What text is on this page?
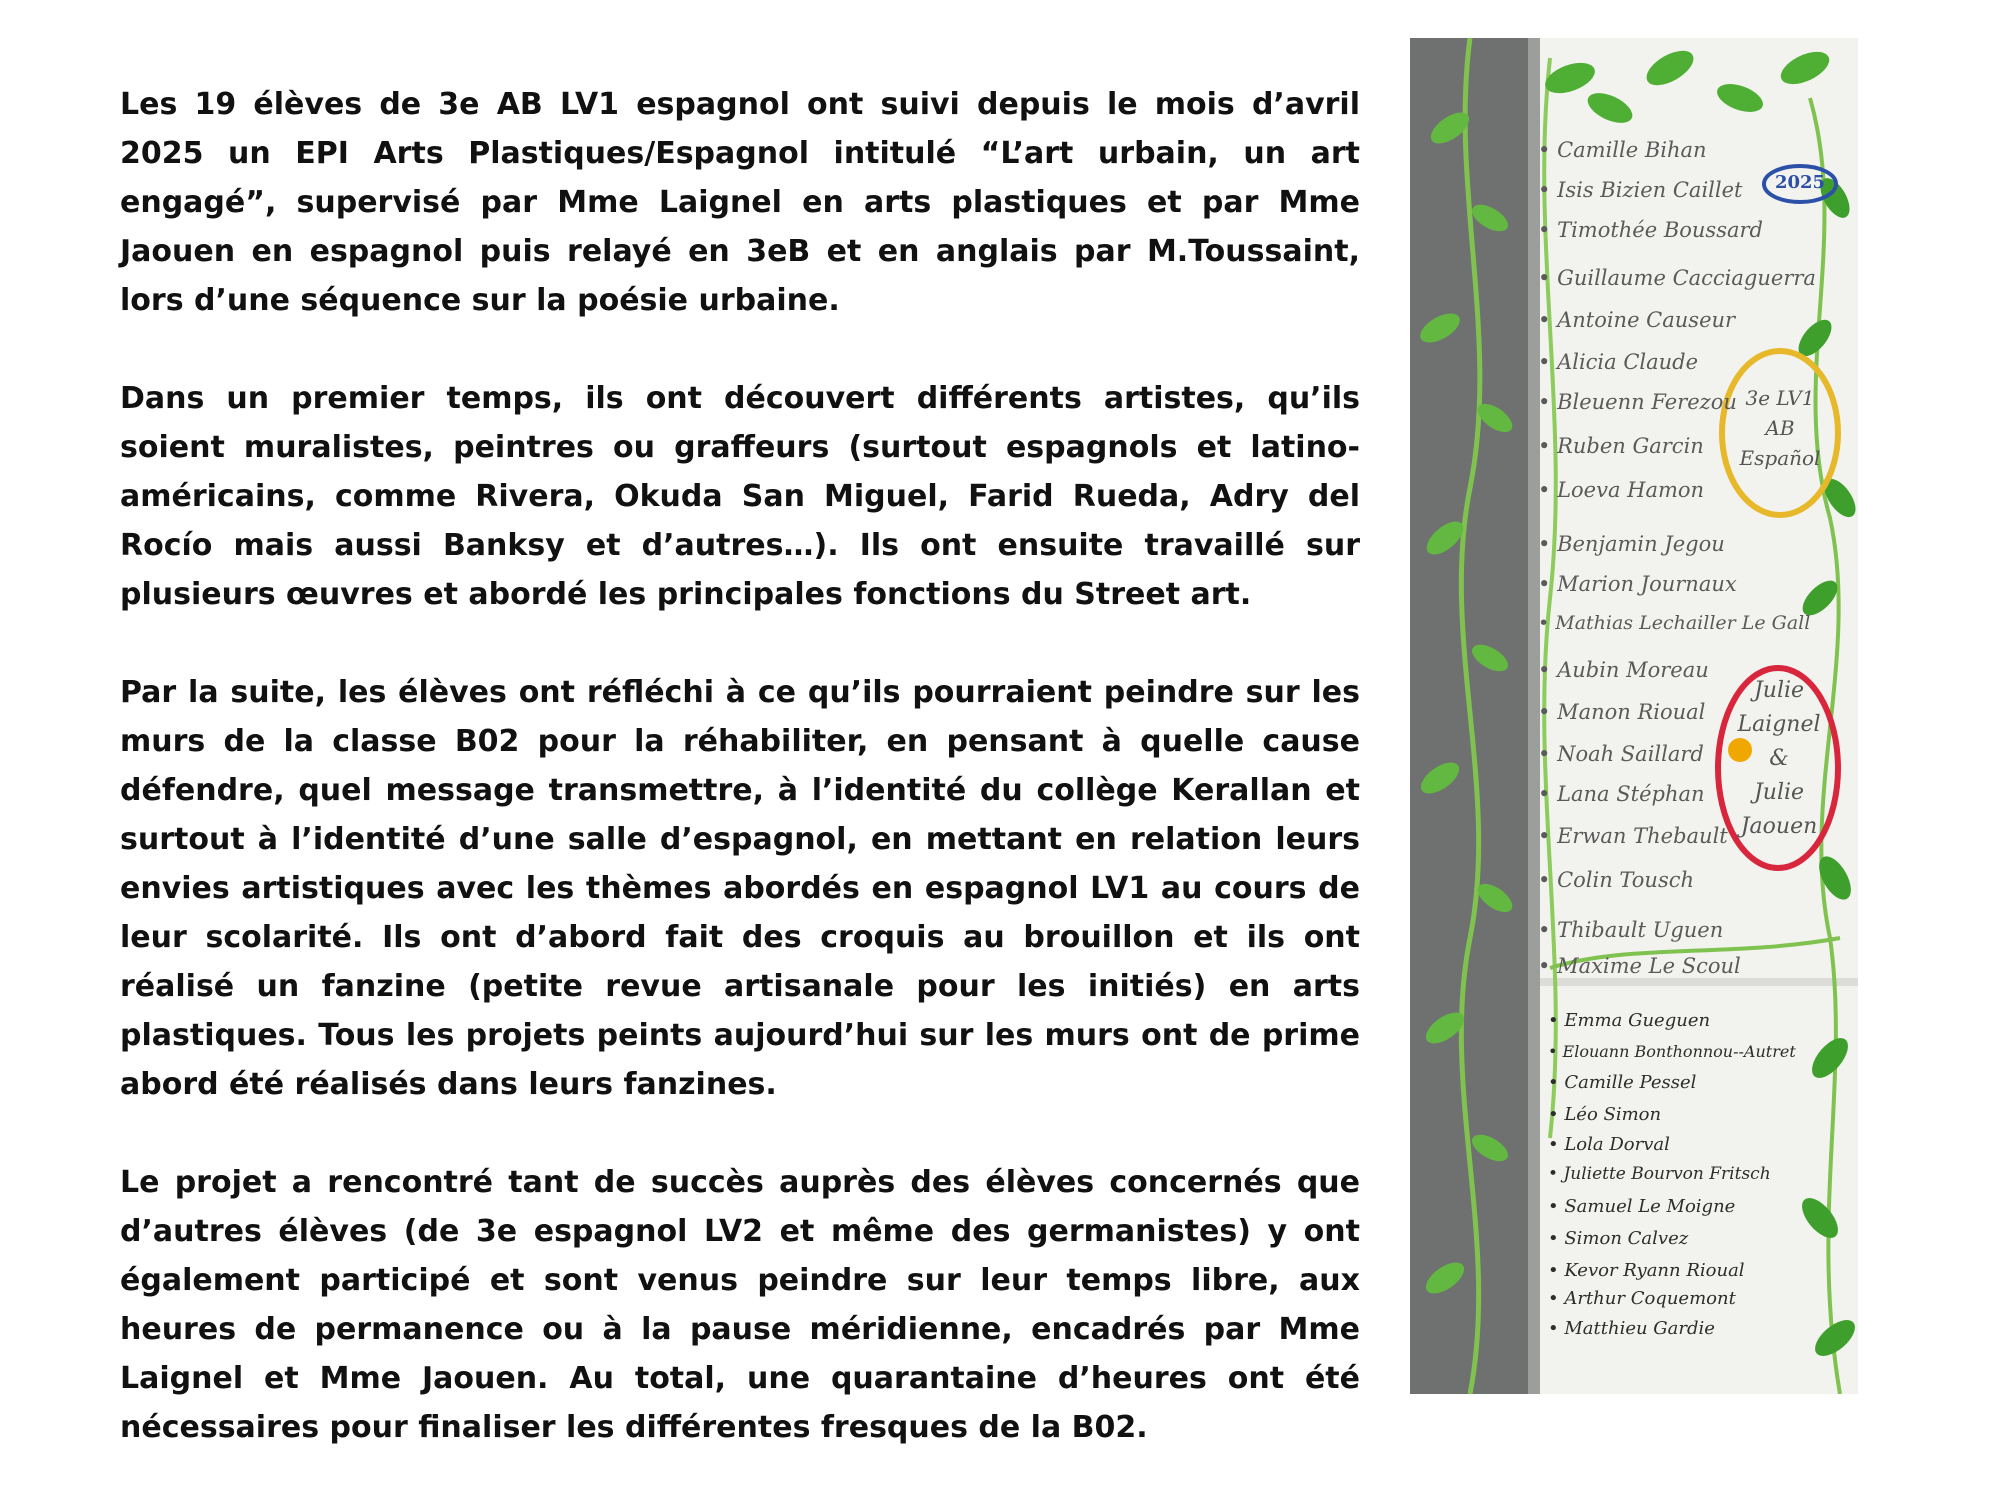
Les 19 élèves de 3e AB LV1 espagnol ont suivi depuis le mois d’avril 2025 un EPI Arts Plastiques/Espagnol intitulé “L’art urbain, un art engagé”, supervisé par Mme Laignel en arts plastiques et par Mme Jaouen en espagnol puis relayé en 3eB et en anglais par M.Toussaint, lors d’une séquence sur la poésie urbaine.

Dans un premier temps, ils ont découvert différents artistes, qu’ils soient muralistes, peintres ou graffeurs (surtout espagnols et latino-américains, comme Rivera, Okuda San Miguel, Farid Rueda, Adry del Rocío mais aussi Banksy et d’autres…). Ils ont ensuite travaillé sur plusieurs œuvres et abordé les principales fonctions du Street art.

Par la suite, les élèves ont réfléchi à ce qu’ils pourraient peindre sur les murs de la classe B02 pour la réhabiliter, en pensant à quelle cause défendre, quel message transmettre, à l’identité du collège Kerallan et surtout à l’identité d’une salle d’espagnol, en mettant en relation leurs envies artistiques avec les thèmes abordés en espagnol LV1 au cours de leur scolarité. Ils ont d’abord fait des croquis au brouillon et ils ont réalisé un fanzine (petite revue artisanale pour les initiés) en arts plastiques. Tous les projets peints aujourd’hui sur les murs ont de prime abord été réalisés dans leurs fanzines.

Le projet a rencontré tant de succès auprès des élèves concernés que d’autres élèves (de 3e espagnol LV2 et même des germanistes) y ont également participé et sont venus peindre sur leur temps libre, aux heures de permanence ou à la pause méridienne, encadrés par Mme Laignel et Mme Jaouen. Au total, une quarantaine d’heures ont été nécessaires pour finaliser les différentes fresques de la B02.

2025
3e LV1
AB
Español
Julie
Laignel
&
Julie
Jaouen
• Camille Bihan
• Isis Bizien Caillet
• Timothée Boussard
• Guillaume Cacciaguerra
• Antoine Causeur
• Alicia Claude
• Bleuenn Ferezou
• Ruben Garcin
• Loeva Hamon
• Benjamin Jegou
• Marion Journaux
• Mathias Lechailler Le Gall
• Aubin Moreau
• Manon Rioual
• Noah Saillard
• Lana Stéphan
• Erwan Thebault
• Colin Tousch
• Thibault Uguen
• Maxime Le Scoul
• Emma Gueguen
• Elouann Bonthonnou--Autret
• Camille Pessel
• Léo Simon
• Lola Dorval
• Juliette Bourvon Fritsch
• Samuel Le Moigne
• Simon Calvez
• Kevor Ryann Rioual
• Arthur Coquemont
• Matthieu Gardie
